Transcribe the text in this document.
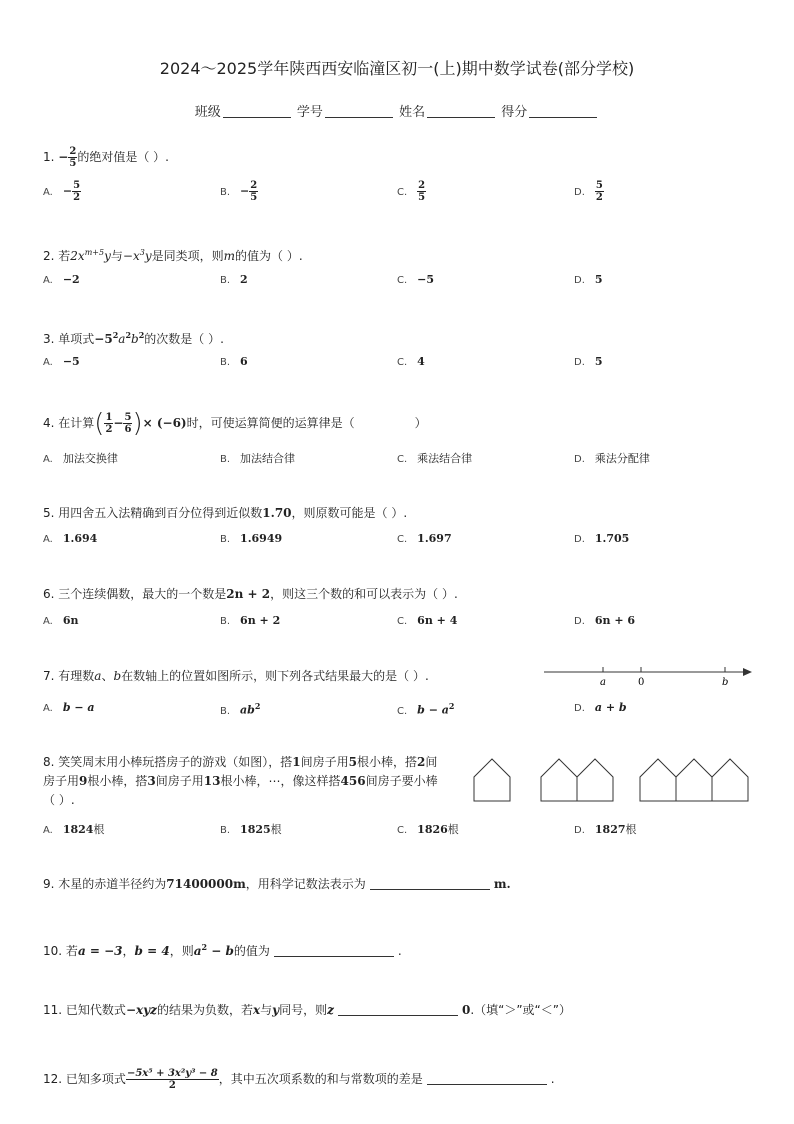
2024～2025学年陕西西安临潼区初一(上)期中数学试卷(部分学校)
班级	学号	姓名	得分
1. − $\frac{2}{5}$ 的绝对值是（ ）.
A. − $\frac{5}{2}$	B. − $\frac{2}{5}$	C. $\frac{2}{5}$	D. $\frac{5}{2}$
2. 若$2x^{m+5}y$与$-x^3y$是同类项，则m的值为（ ）.
A. −2	B. 2	C. −5	D. 5
3. 单项式$-5^2a^2b^2$的次数是（ ）.
A. −5	B. 6	C. 4	D. 5
4. 在计算( $\frac{1}{2} - \frac{5}{6}$ )× (−6)时，可使运算简便的运算律是（	）
A. 加法交换律	B. 加法结合律	C. 乘法结合律	D. 乘法分配律
5. 用四舍五入法精确到百分位得到近似数1.70，则原数可能是（ ）.
A. 1.694	B. 1.6949	C. 1.697	D. 1.705
6. 三个连续偶数，最大的一个数是2n + 2，则这三个数的和可以表示为（ ）.
A. 6n	B. 6n + 2	C. 6n + 4	D. 6n + 6
7. 有理数a、b在数轴上的位置如图所示，则下列各式结果最大的是（ ）.	a	0	b
A. b − a	B. $ab^2$	C. $b - a^2$	D. a + b
8. 笑笑周末用小棒玩搭房子的游戏（如图），搭1间房子用5根小棒，搭2间
房子用9根小棒，搭3间房子用13根小棒，⋯，像这样搭456间房子要小棒
（ ）.
A. 1824根	B. 1825根	C. 1826根	D. 1827根
9. 木星的赤道半径约为71400000m，用科学记数法表示为	m.
10. 若a = −3，b = 4，则$a^2 - b$的值为	.
11. 已知代数式−xyz的结果为负数，若x与y同号，则z	0.（填“＞”或“＜”）
12. 已知多项式 $\frac{\text{−5x⁵ + 3x²y³ − 8}}{2}$ ，其中五次项系数的和与常数项的差是	.
